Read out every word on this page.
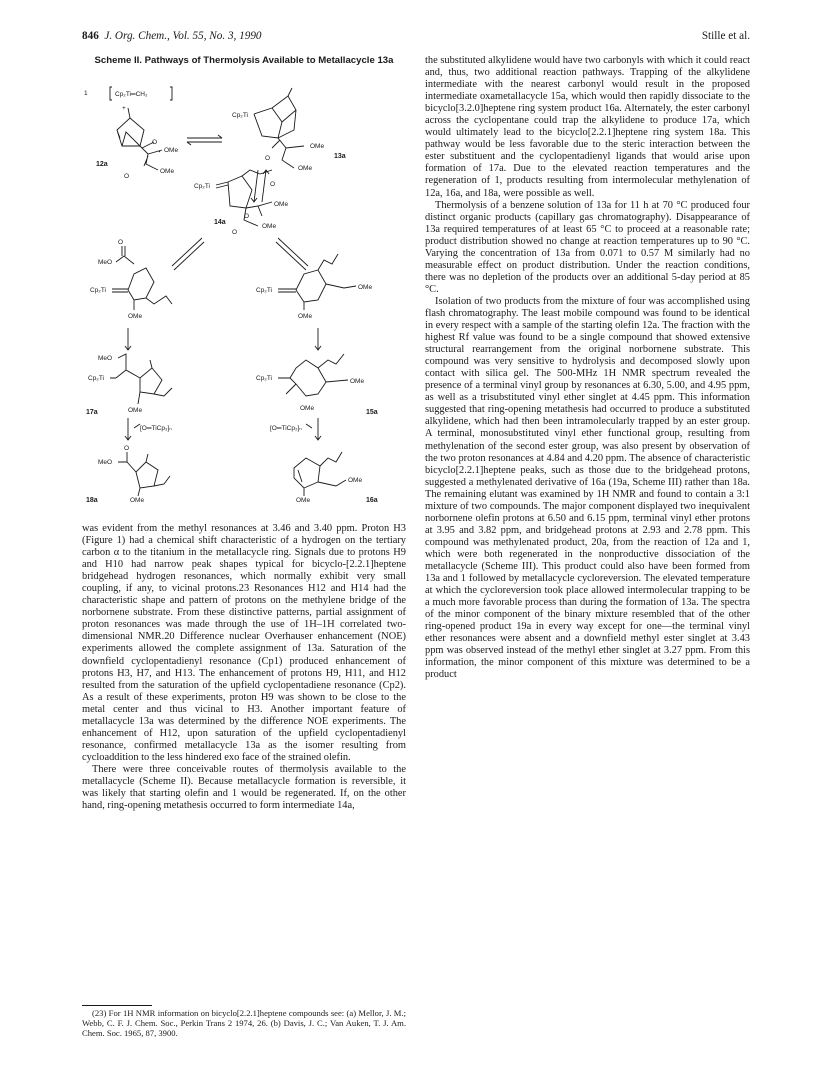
846 J. Org. Chem., Vol. 55, No. 3, 1990	Stille et al.
Scheme II. Pathways of Thermolysis Available to Metallacycle 13a
1	Cp₂Ti═CH₂
+
OMe
OMe
O
O
12a
Cp₂Ti
OMe
OMe
O
O
13a
Cp₂Ti
OMe
OMe
O
O
14a
O
MeO
Cp₂Ti
OMe
Cp₂Ti	OMe
OMe
MeO
Cp₂Ti
OMe
17a
Cp₂Ti	OMe
OMe
15a
[O═TiCp₂]ₙ	[O═TiCp₂]ₙ
O
MeO
OMe
18a
OMe
OMe	16a

was evident from the methyl resonances at 3.46 and 3.40 ppm. Proton H3 (Figure 1) had a chemical shift characteristic of a hydrogen on the tertiary carbon α to the titanium in the metallacycle ring. Signals due to protons H9 and H10 had narrow peak shapes typical for bicyclo-[2.2.1]heptene bridgehead hydrogen resonances, which normally exhibit very small coupling, if any, to vicinal protons.23 Resonances H12 and H14 had the characteristic shape and pattern of protons on the methylene bridge of the norbornene substrate. From these distinctive patterns, partial assignment of proton resonances was made through the use of 1H–1H correlated two-dimensional NMR.20 Difference nuclear Overhauser enhancement (NOE) experiments allowed the complete assignment of 13a. Saturation of the downfield cyclopentadienyl resonance (Cp1) produced enhancement of protons H3, H7, and H13. The enhancement of protons H9, H11, and H12 resulted from the saturation of the upfield cyclopentadiene resonance (Cp2). As a result of these experiments, proton H9 was shown to be close to the metal center and thus vicinal to H3. Another important feature of metallacycle 13a was determined by the difference NOE experiments. The enhancement of H12, upon saturation of the upfield cyclopentadienyl resonance, confirmed metallacycle 13a as the isomer resulting from cycloaddition to the less hindered exo face of the strained olefin.

There were three conceivable routes of thermolysis available to the metallacycle (Scheme II). Because metallacycle formation is reversible, it was likely that starting olefin and 1 would be regenerated. If, on the other hand, ring-opening metathesis occurred to form intermediate 14a,

the substituted alkylidene would have two carbonyls with which it could react and, thus, two additional reaction pathways. Trapping of the alkylidene intermediate with the nearest carbonyl would result in the proposed intermediate oxametallacycle 15a, which would then rapidly dissociate to the bicyclo[3.2.0]heptene ring system product 16a. Alternately, the ester carbonyl across the cyclopentane could trap the alkylidene to produce 17a, which would ultimately lead to the bicyclo[2.2.1]heptene ring system 18a. This pathway would be less favorable due to the steric interaction between the ester substituent and the cyclopentadienyl ligands that would arise upon formation of 17a. Due to the elevated reaction temperatures and the regeneration of 1, products resulting from intermolecular methylenation of 12a, 16a, and 18a, were possible as well.

Thermolysis of a benzene solution of 13a for 11 h at 70 °C produced four distinct organic products (capillary gas chromatography). Disappearance of 13a required temperatures of at least 65 °C to proceed at a reasonable rate; product distribution showed no change at reaction temperatures up to 90 °C. Varying the concentration of 13a from 0.071 to 0.57 M similarly had no measurable effect on product distribution. Under the reaction conditions, there was no depletion of the products over an additional 5-day period at 85 °C.

Isolation of two products from the mixture of four was accomplished using flash chromatography. The least mobile compound was found to be identical in every respect with a sample of the starting olefin 12a. The fraction with the highest Rf value was found to be a single compound that showed extensive structural rearrangement from the original norbornene substrate. This compound was very sensitive to hydrolysis and decomposed slowly upon contact with silica gel. The 500-MHz 1H NMR spectrum revealed the presence of a terminal vinyl group by resonances at 6.30, 5.00, and 4.95 ppm, as well as a trisubstituted vinyl ether singlet at 4.45 ppm. This information suggested that ring-opening metathesis had occurred to produce a substituted alkylidene, which had then been intramolecularly trapped by an ester group. A terminal, monosubstituted vinyl ether functional group, resulting from methylenation of the second ester group, was also present by observation of the two proton resonances at 4.84 and 4.20 ppm. The absence of characteristic bicyclo[2.2.1]heptene peaks, such as those due to the bridgehead protons, suggested a methylenated derivative of 16a (19a, Scheme III) rather than 18a. The remaining elutant was examined by 1H NMR and found to contain a 3:1 mixture of two compounds. The major component displayed two inequivalent norbornene olefin protons at 6.50 and 6.15 ppm, terminal vinyl ether protons at 3.95 and 3.82 ppm, and bridgehead protons at 2.93 and 2.78 ppm. This compound was methylenated product, 20a, from the reaction of 12a and 1, which were both regenerated in the nonproductive dissociation of the metallacycle (Scheme III). This product could also have been formed from 13a and 1 followed by metallacycle cycloreversion. The elevated temperature at which the cycloreversion took place allowed intermolecular trapping to be a much more favorable process than during the formation of 13a. The spectra of the minor component of the binary mixture resembled that of the other ring-opened product 19a in every way except for one—the terminal vinyl ether resonances were absent and a downfield methyl ester singlet at 3.43 ppm was observed instead of the methyl ether singlet at 3.27 ppm. From this information, the minor component of this mixture was determined to be a product

(23) For 1H NMR information on bicyclo[2.2.1]heptene compounds see: (a) Mellor, J. M.; Webb, C. F. J. Chem. Soc., Perkin Trans 2 1974, 26. (b) Davis, J. C.; Van Auken, T. J. Am. Chem. Soc. 1965, 87, 3900.
